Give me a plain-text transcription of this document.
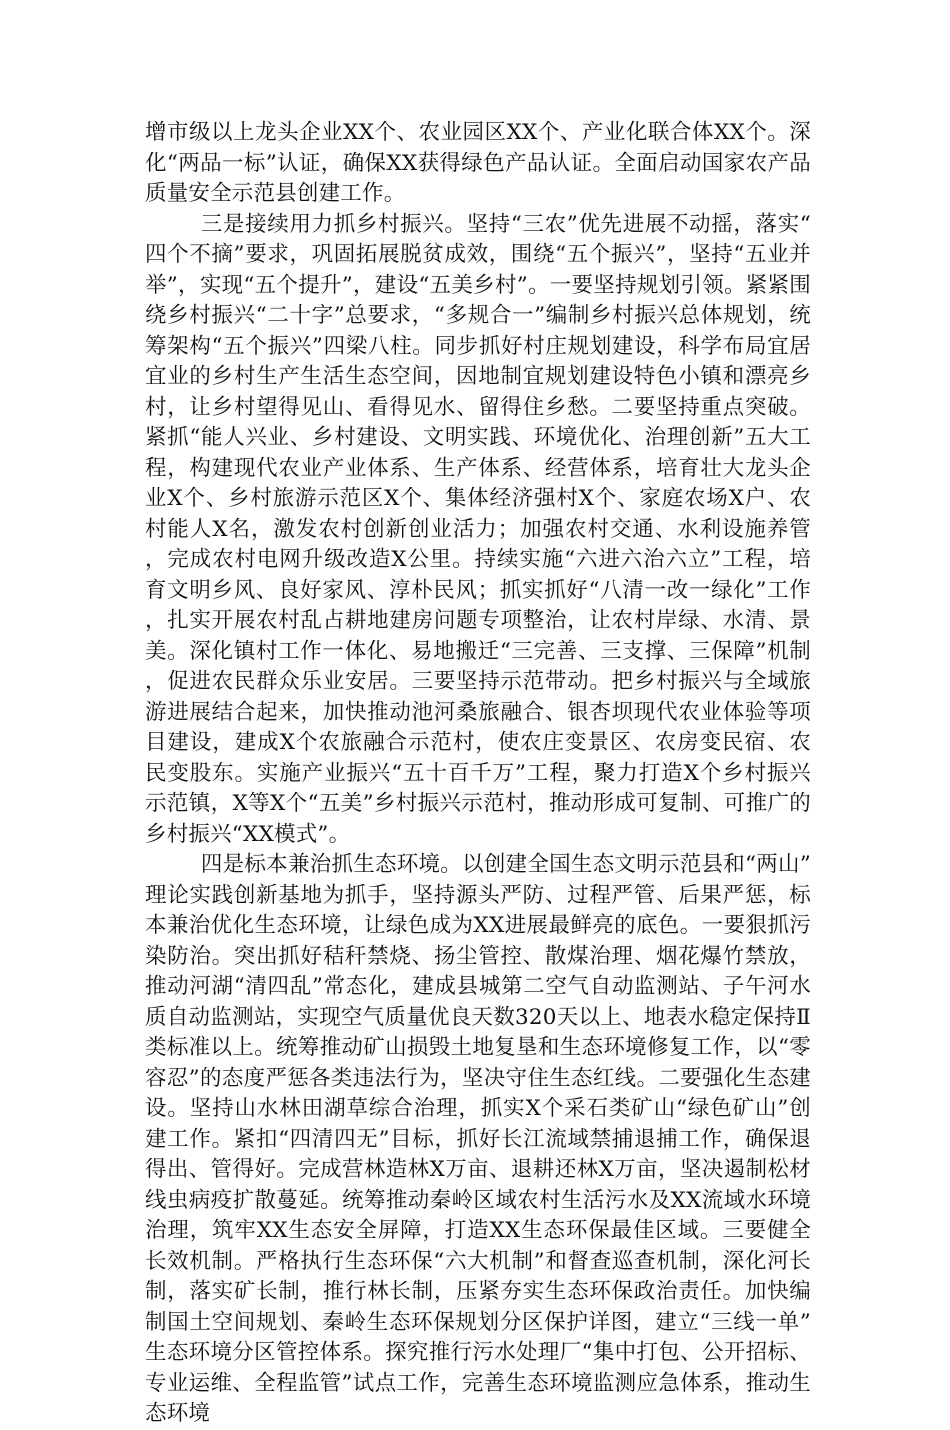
增市级以上龙头企业XX个、农业园区XX个、产业化联合体XX个。深化“两品一标”认证，确保XX获得绿色产品认证。全面启动国家农产品质量安全示范县创建工作。

三是接续用力抓乡村振兴。坚持“三农”优先进展不动摇，落实“四个不摘”要求，巩固拓展脱贫成效，围绕“五个振兴”，坚持“五业并举”，实现“五个提升”，建设“五美乡村”。一要坚持规划引领。紧紧围绕乡村振兴“二十字”总要求，“多规合一”编制乡村振兴总体规划，统筹架构“五个振兴”四梁八柱。同步抓好村庄规划建设，科学布局宜居宜业的乡村生产生活生态空间，因地制宜规划建设特色小镇和漂亮乡村，让乡村望得见山、看得见水、留得住乡愁。二要坚持重点突破。紧抓“能人兴业、乡村建设、文明实践、环境优化、治理创新”五大工程，构建现代农业产业体系、生产体系、经营体系，培育壮大龙头企业X个、乡村旅游示范区X个、集体经济强村X个、家庭农场X户、农村能人X名，激发农村创新创业活力；加强农村交通、水利设施养管，完成农村电网升级改造X公里。持续实施“六进六治六立”工程，培育文明乡风、良好家风、淳朴民风；抓实抓好“八清一改一绿化”工作，扎实开展农村乱占耕地建房问题专项整治，让农村岸绿、水清、景美。深化镇村工作一体化、易地搬迁“三完善、三支撑、三保障”机制，促进农民群众乐业安居。三要坚持示范带动。把乡村振兴与全域旅游进展结合起来，加快推动池河桑旅融合、银杏坝现代农业体验等项目建设，建成X个农旅融合示范村，使农庄变景区、农房变民宿、农民变股东。实施产业振兴“五十百千万”工程，聚力打造X个乡村振兴示范镇，X等X个“五美”乡村振兴示范村，推动形成可复制、可推广的乡村振兴“XX模式”。

四是标本兼治抓生态环境。以创建全国生态文明示范县和“两山”理论实践创新基地为抓手，坚持源头严防、过程严管、后果严惩，标本兼治优化生态环境，让绿色成为XX进展最鲜亮的底色。一要狠抓污染防治。突出抓好秸秆禁烧、扬尘管控、散煤治理、烟花爆竹禁放，推动河湖“清四乱”常态化，建成县城第二空气自动监测站、子午河水质自动监测站，实现空气质量优良天数320天以上、地表水稳定保持Ⅱ类标准以上。统筹推动矿山损毁土地复垦和生态环境修复工作，以“零容忍”的态度严惩各类违法行为，坚决守住生态红线。二要强化生态建设。坚持山水林田湖草综合治理，抓实X个采石类矿山“绿色矿山”创建工作。紧扣“四清四无”目标，抓好长江流域禁捕退捕工作，确保退得出、管得好。完成营林造林X万亩、退耕还林X万亩，坚决遏制松材线虫病疫扩散蔓延。统筹推动秦岭区域农村生活污水及XX流域水环境治理，筑牢XX生态安全屏障，打造XX生态环保最佳区域。三要健全长效机制。严格执行生态环保“六大机制”和督查巡查机制，深化河长制，落实矿长制，推行林长制，压紧夯实生态环保政治责任。加快编制国土空间规划、秦岭生态环保规划分区保护详图，建立“三线一单”生态环境分区管控体系。探究推行污水处理厂“集中打包、公开招标、专业运维、全程监管”试点工作，完善生态环境监测应急体系，推动生态环境
